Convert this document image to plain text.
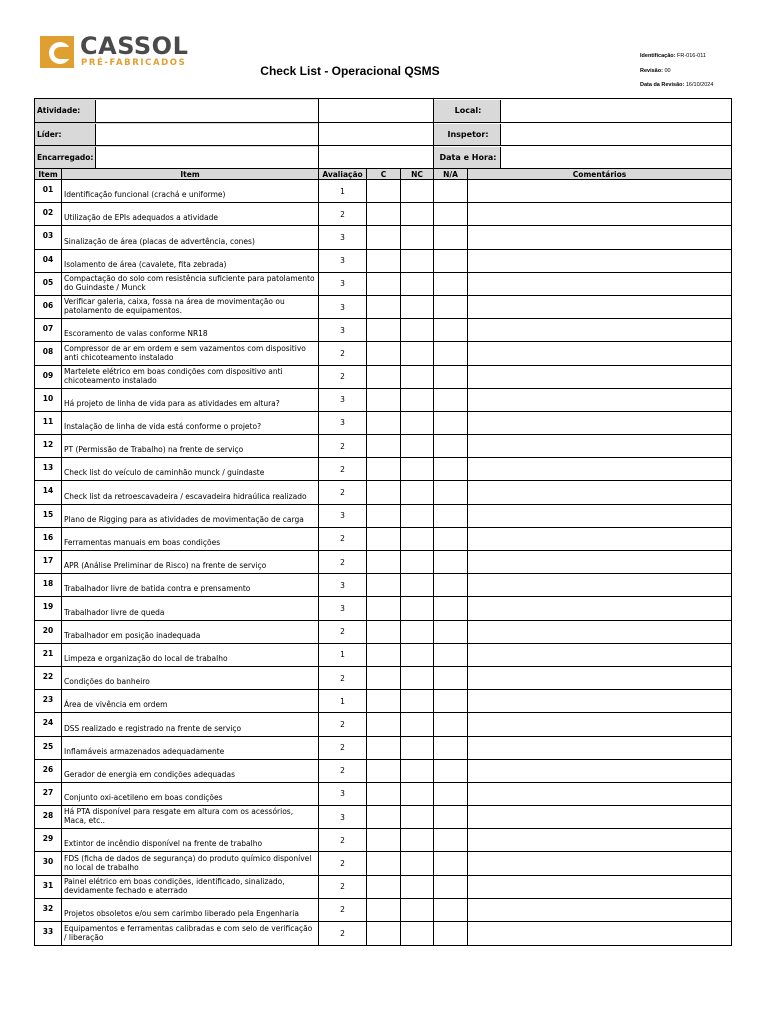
CASSOL
PRÉ-FABRICADOS
Check List - Operacional QSMS
Identificação: FR-016-011
Revisão: 00
Data da Revisão: 16/10/2024
Atividade:					Local:	

Líder:					Inspetor:	

Encarregado:					Data e Hora:	

Item	Item	Avaliação	C	NC	N/A	Comentários
01	Identificação funcional (crachá e uniforme)	1				
02	Utilização de EPIs adequados a atividade	2				
03	Sinalização de área (placas de advertência, cones)	3				
04	Isolamento de área (cavalete, fita zebrada)	3				
05	Compactação do solo com resistência suficiente para patolamento do Guindaste / Munck	3				
06	Verificar galeria, caixa, fossa na área de movimentação ou patolamento de equipamentos.	3				
07	Escoramento de valas conforme NR18	3				
08	Compressor de ar em ordem e sem vazamentos com dispositivo anti chicoteamento instalado	2				
09	Martelete elétrico em boas condições com dispositivo anti chicoteamento instalado	2				
10	Há projeto de linha de vida para as atividades em altura?	3				
11	Instalação de linha de vida está conforme o projeto?	3				
12	PT (Permissão de Trabalho) na frente de serviço	2				
13	Check list do veículo de caminhão munck / guindaste	2				
14	Check list da retroescavadeira / escavadeira hidraúlica realizado	2				
15	Plano de Rigging para as atividades de movimentação de carga	3				
16	Ferramentas manuais em boas condições	2				
17	APR (Análise Preliminar de Risco) na frente de serviço	2				
18	Trabalhador livre de batida contra e prensamento	3				
19	Trabalhador livre de queda	3				
20	Trabalhador em posição inadequada	2				
21	Limpeza e organização do local de trabalho	1				
22	Condições do banheiro	2				
23	Área de vivência em ordem	1				
24	DSS realizado e registrado na frente de serviço	2				
25	Inflamáveis armazenados adequadamente	2				
26	Gerador de energia em condições adequadas	2				
27	Conjunto oxi-acetileno em boas condições	3				
28	Há PTA disponível para resgate em altura com os acessórios, Maca, etc..	3				
29	Extintor de incêndio disponível na frente de trabalho	2				
30	FDS (ficha de dados de segurança) do produto químico disponível no local de trabalho	2				
31	Painel elétrico em boas condições, identificado, sinalizado, devidamente fechado e aterrado	2				
32	Projetos obsoletos e/ou sem carimbo liberado pela Engenharia	2				
33	Equipamentos e ferramentas calibradas e com selo de verificação / liberação	2				
